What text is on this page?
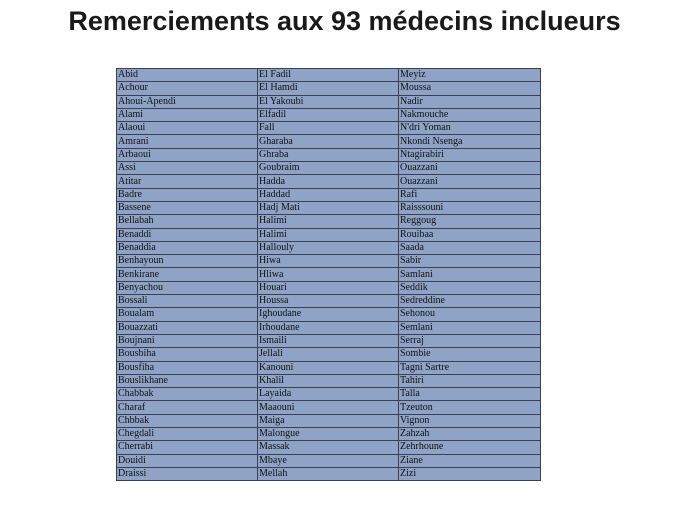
Remerciements aux 93 médecins inclueurs
Abid	El Fadil	Meyiz
Achour	El Hamdi	Moussa
Ahoui-Apendi	El Yakoubi	Nadir
Alami	Elfadil	Nakmouche
Alaoui	Fall	N'dri Yoman
Amrani	Gharaba	Nkondi Nsenga
Arbaoui	Ghraba	Ntagirabiri
Assi	Goubraim	Ouazzani
Atitar	Hadda	Ouazzani
Badre	Haddad	Rafi
Bassene	Hadj Mati	Raisssouni
Bellabah	Halimi	Reggoug
Benaddi	Halimi	Rouibaa
Benaddia	Hallouly	Saada
Benhayoun	Hiwa	Sabir
Benkirane	Hliwa	Samlani
Benyachou	Houari	Seddik
Bossali	Houssa	Sedreddine
Boualam	Ighoudane	Sehonou
Bouazzati	Irhoudane	Semlani
Boujnani	Ismaili	Serraj
Bousbiha	Jellali	Sombie
Bousfiha	Kanouni	Tagni Sartre
Bouslikhane	Khalil	Tahiri
Chabbak	Layaida	Talla
Charaf	Maaouni	Tzeuton
Chbbak	Maiga	Vignon
Chegdali	Malongue	Zahzah
Cherrabi	Massak	Zehrhoune
Douidi	Mbaye	Ziane
Draissi	Mellah	Zizi
